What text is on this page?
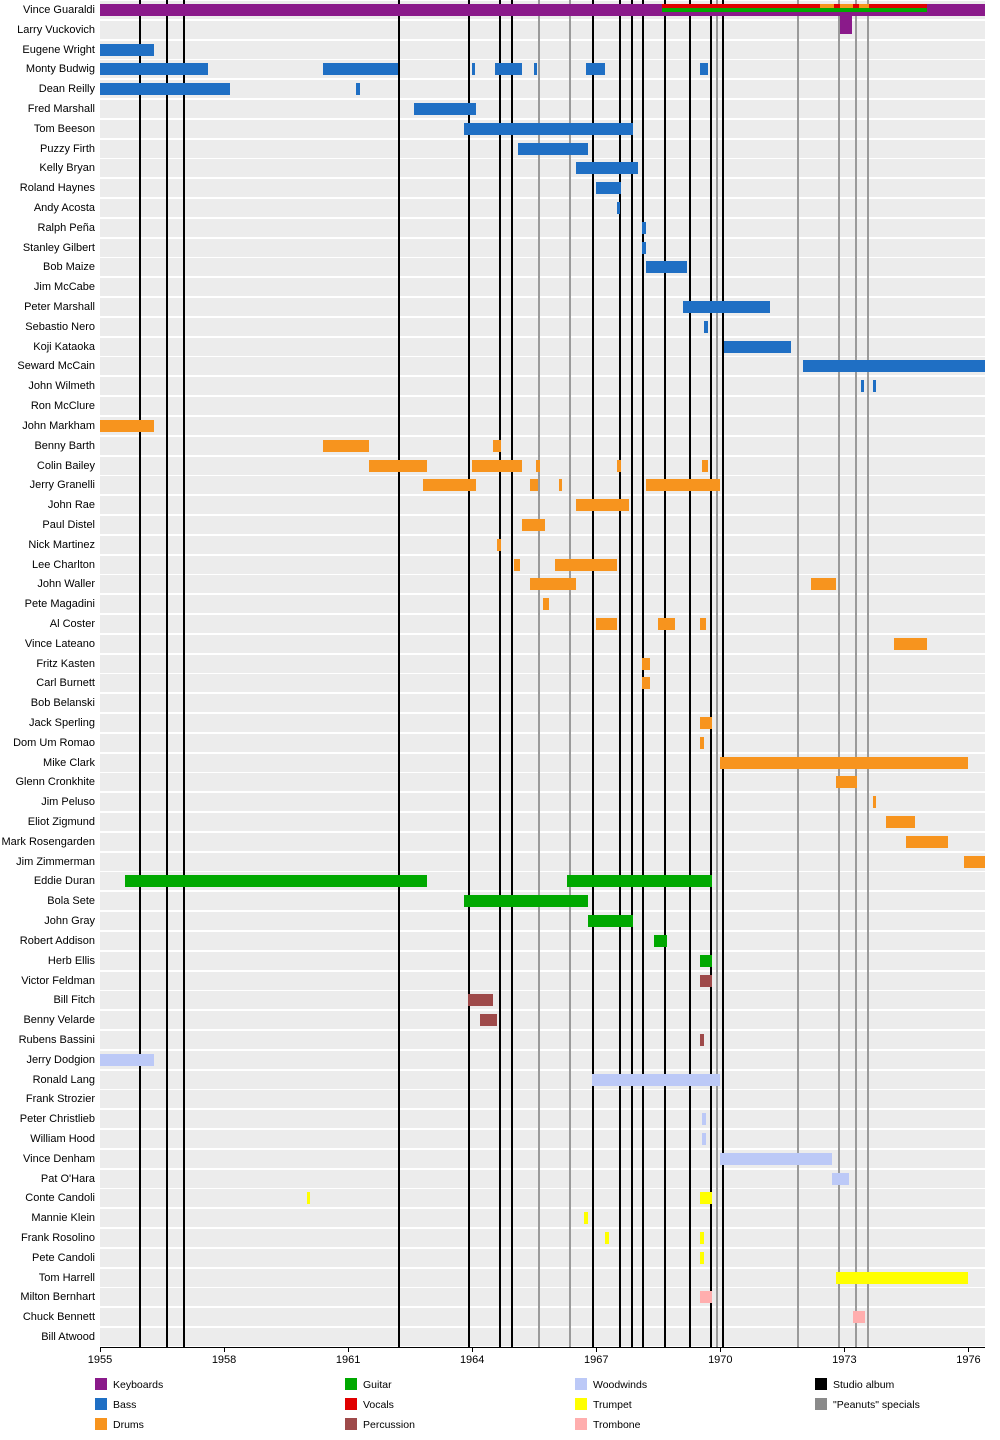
Vince Guaraldi
Larry Vuckovich
Eugene Wright
Monty Budwig
Dean Reilly
Fred Marshall
Tom Beeson
Puzzy Firth
Kelly Bryan
Roland Haynes
Andy Acosta
Ralph Peña
Stanley Gilbert
Bob Maize
Jim McCabe
Peter Marshall
Sebastio Nero
Koji Kataoka
Seward McCain
John Wilmeth
Ron McClure
John Markham
Benny Barth
Colin Bailey
Jerry Granelli
John Rae
Paul Distel
Nick Martinez
Lee Charlton
John Waller
Pete Magadini
Al Coster
Vince Lateano
Fritz Kasten
Carl Burnett
Bob Belanski
Jack Sperling
Dom Um Romao
Mike Clark
Glenn Cronkhite
Jim Peluso
Eliot Zigmund
Mark Rosengarden
Jim Zimmerman
Eddie Duran
Bola Sete
John Gray
Robert Addison
Herb Ellis
Victor Feldman
Bill Fitch
Benny Velarde
Rubens Bassini
Jerry Dodgion
Ronald Lang
Frank Strozier
Peter Christlieb
William Hood
Vince Denham
Pat O'Hara
Conte Candoli
Mannie Klein
Frank Rosolino
Pete Candoli
Tom Harrell
Milton Bernhart
Chuck Bennett
Bill Atwood
1955	1958	1961	1964	1967	1970	1973	1976
Keyboards
Bass
Drums
Guitar
Vocals
Percussion
Woodwinds
Trumpet
Trombone
Studio album
"Peanuts" specials
